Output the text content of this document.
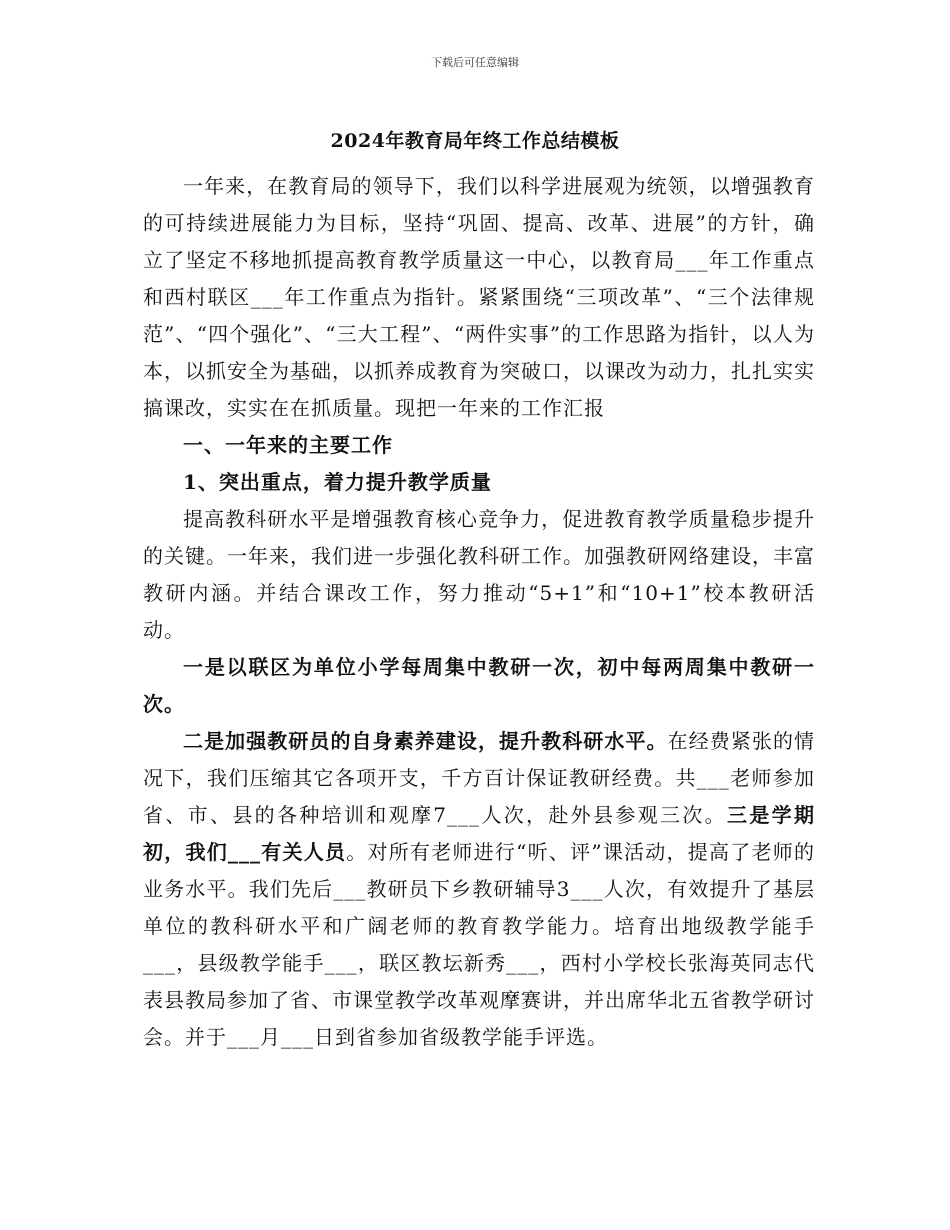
下载后可任意编辑
2024年教育局年终工作总结模板

一年来，在教育局的领导下，我们以科学进展观为统领，以增强教育的可持续进展能力为目标，坚持“巩固、提高、改革、进展”的方针，确立了坚定不移地抓提高教育教学质量这一中心，以教育局___年工作重点和西村联区___年工作重点为指针。紧紧围绕“三项改革”、“三个法律规范”、“四个强化”、“三大工程”、“两件实事”的工作思路为指针，以人为本，以抓安全为基础，以抓养成教育为突破口，以课改为动力，扎扎实实搞课改，实实在在抓质量。现把一年来的工作汇报

一、一年来的主要工作

1、突出重点，着力提升教学质量

提高教科研水平是增强教育核心竞争力，促进教育教学质量稳步提升的关键。一年来，我们进一步强化教科研工作。加强教研网络建设，丰富教研内涵。并结合课改工作，努力推动“5+1”和“10+1”校本教研活动。

一是以联区为单位小学每周集中教研一次，初中每两周集中教研一次。

二是加强教研员的自身素养建设，提升教科研水平。在经费紧张的情况下，我们压缩其它各项开支，千方百计保证教研经费。共___老师参加省、市、县的各种培训和观摩7___人次，赴外县参观三次。三是学期初，我们___有关人员。对所有老师进行“听、评”课活动，提高了老师的业务水平。我们先后___教研员下乡教研辅导3___人次，有效提升了基层单位的教科研水平和广阔老师的教育教学能力。培育出地级教学能手___，县级教学能手___，联区教坛新秀___，西村小学校长张海英同志代表县教局参加了省、市课堂教学改革观摩赛讲，并出席华北五省教学研讨会。并于___月___日到省参加省级教学能手评选。
